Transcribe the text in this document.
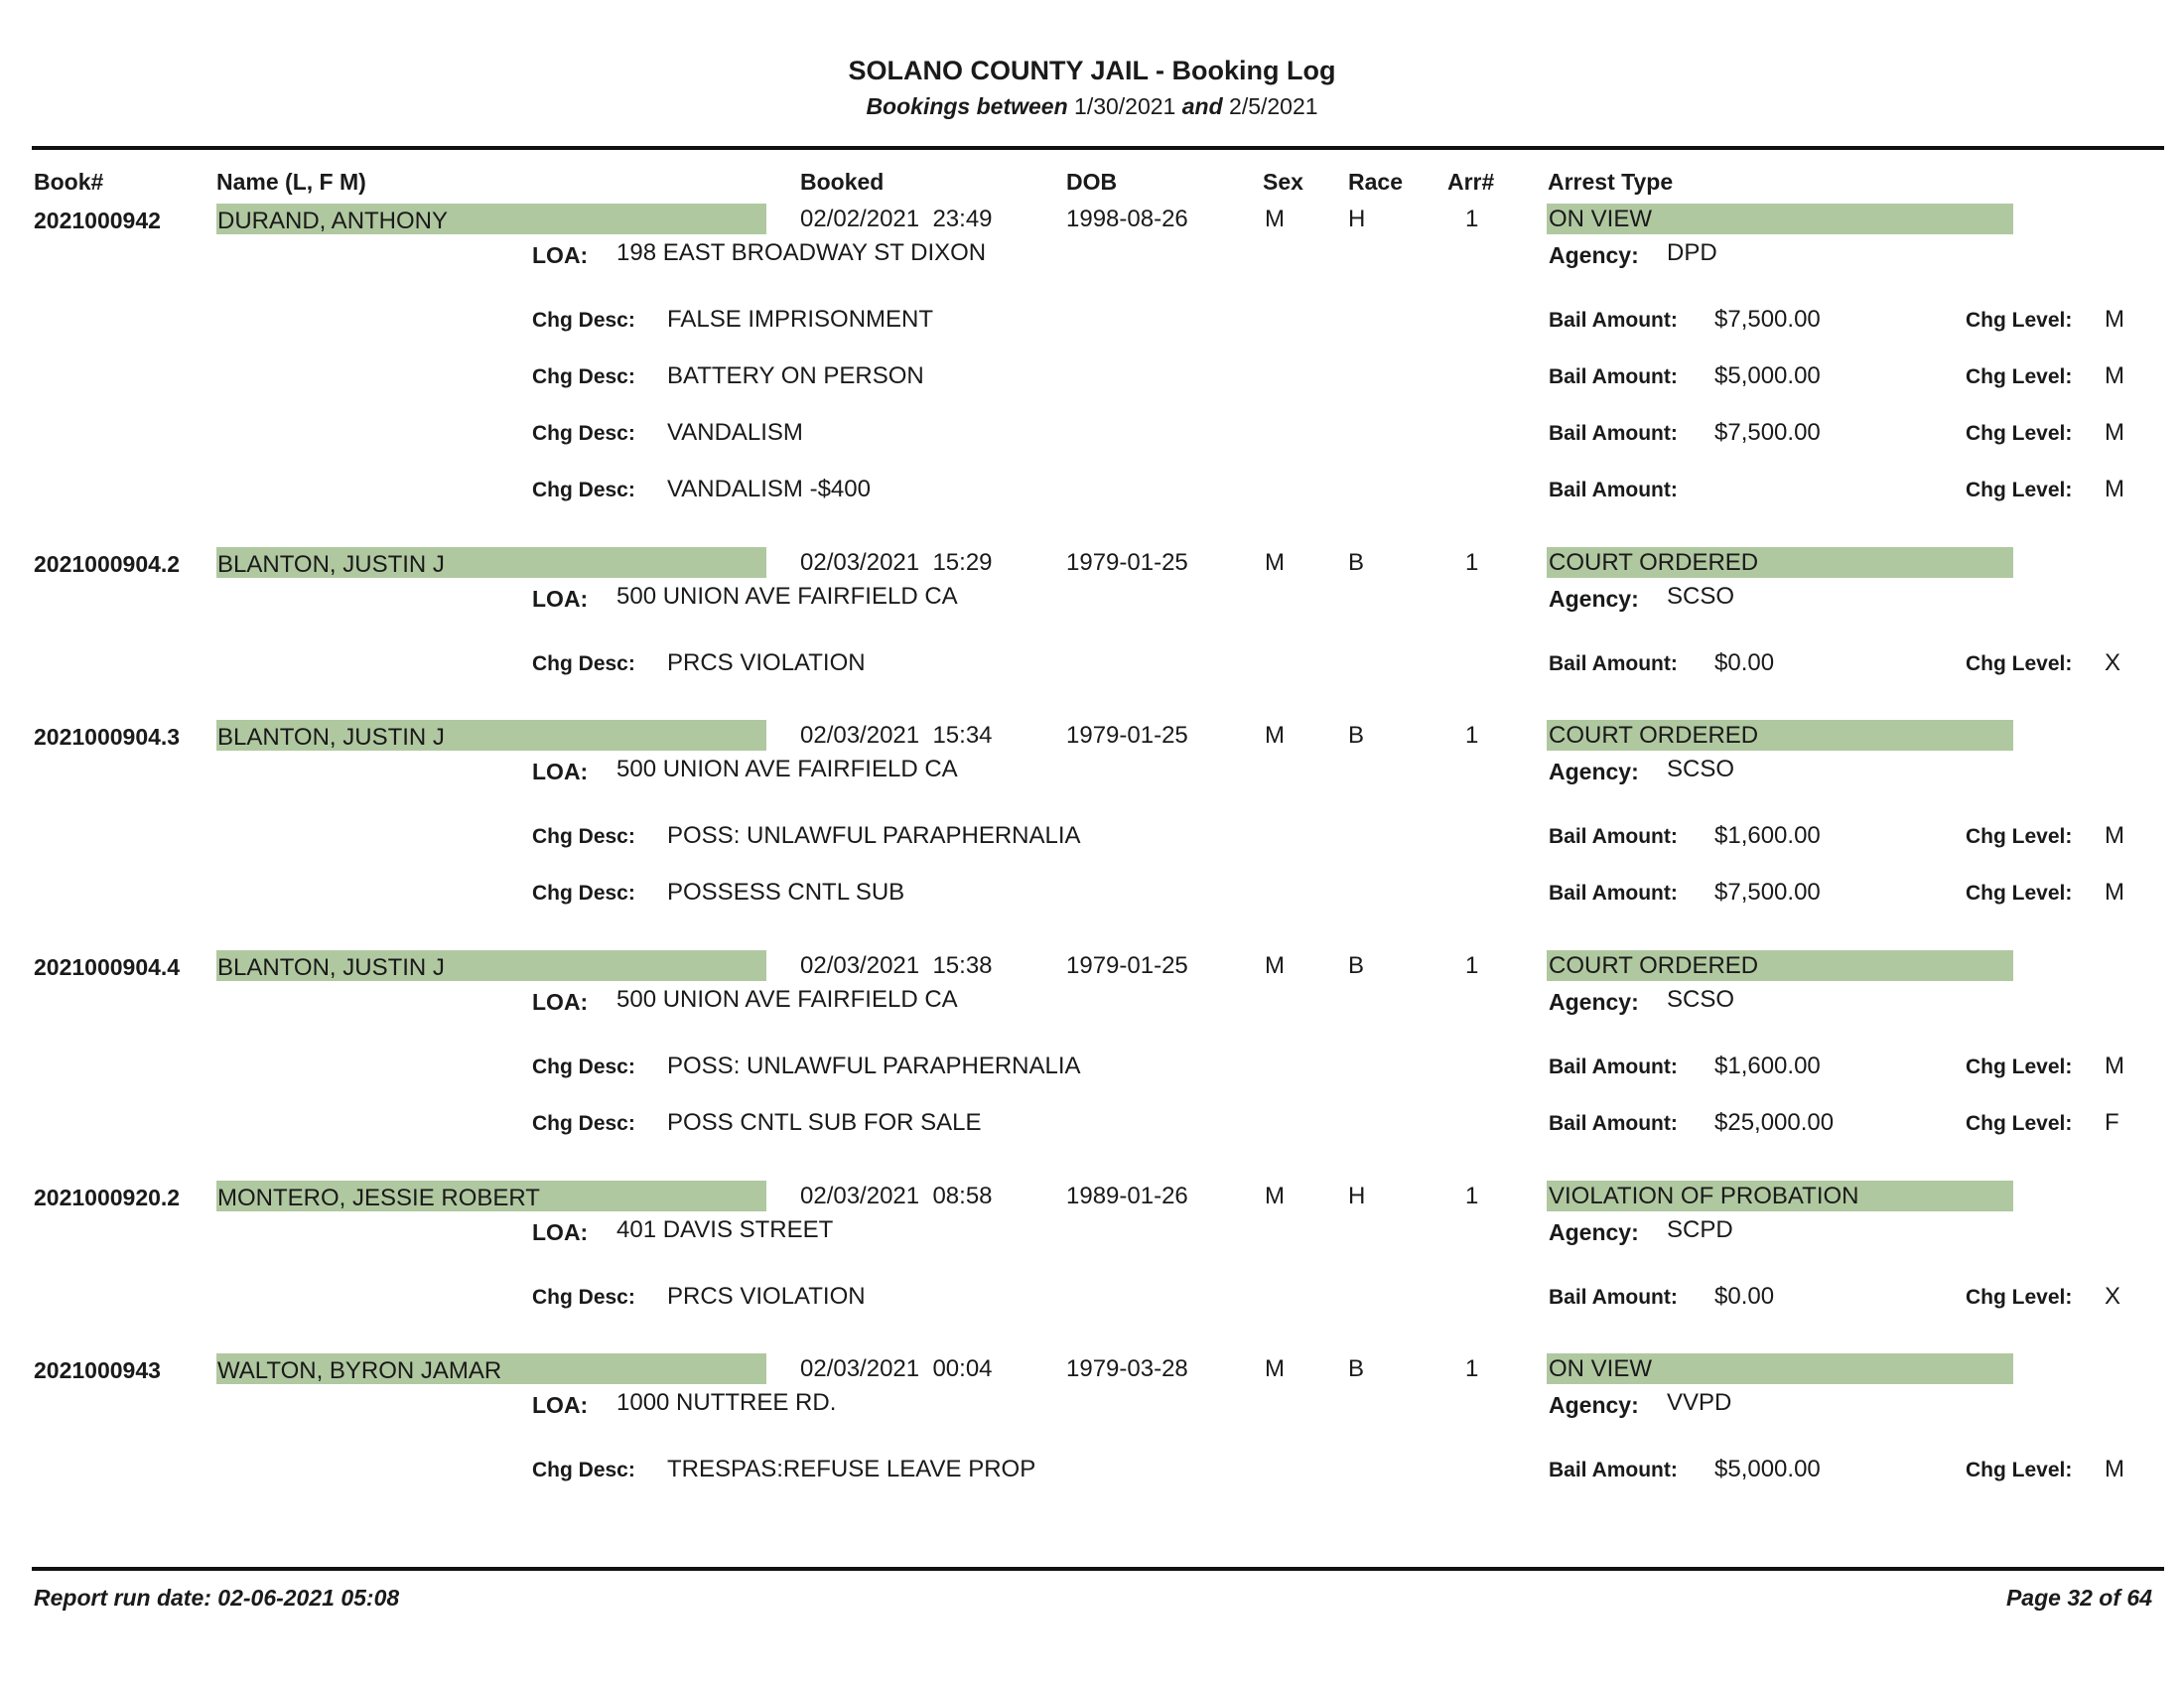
SOLANO COUNTY JAIL - Booking Log
Bookings between 1/30/2021 and 2/5/2021
Book#	Name (L, F M)	Booked	DOB	Sex Race Arr# Arrest Type
2021000942 DURAND, ANTHONY	02/02/2021  23:49	1998-08-26	M	H	1	ON VIEW
LOA: 198 EAST BROADWAY ST DIXON	Agency: DPD
Chg Desc: FALSE IMPRISONMENT	Bail Amount: $7,500.00	Chg Level: M
Chg Desc: BATTERY ON PERSON	Bail Amount: $5,000.00	Chg Level: M
Chg Desc: VANDALISM	Bail Amount: $7,500.00	Chg Level: M
Chg Desc: VANDALISM -$400	Bail Amount:	Chg Level: M
2021000904.2 BLANTON, JUSTIN J	02/03/2021  15:29	1979-01-25	M	B	1	COURT ORDERED
LOA: 500 UNION AVE FAIRFIELD CA	Agency: SCSO
Chg Desc: PRCS VIOLATION	Bail Amount: $0.00	Chg Level: X
2021000904.3 BLANTON, JUSTIN J	02/03/2021  15:34	1979-01-25	M	B	1	COURT ORDERED
LOA: 500 UNION AVE FAIRFIELD CA	Agency: SCSO
Chg Desc: POSS: UNLAWFUL PARAPHERNALIA	Bail Amount: $1,600.00	Chg Level: M
Chg Desc: POSSESS CNTL SUB	Bail Amount: $7,500.00	Chg Level: M
2021000904.4 BLANTON, JUSTIN J	02/03/2021  15:38	1979-01-25	M	B	1	COURT ORDERED
LOA: 500 UNION AVE FAIRFIELD CA	Agency: SCSO
Chg Desc: POSS: UNLAWFUL PARAPHERNALIA	Bail Amount: $1,600.00	Chg Level: M
Chg Desc: POSS CNTL SUB FOR SALE	Bail Amount: $25,000.00	Chg Level: F
2021000920.2 MONTERO, JESSIE ROBERT	02/03/2021  08:58	1989-01-26	M	H	1	VIOLATION OF PROBATION
LOA: 401 DAVIS STREET	Agency: SCPD
Chg Desc: PRCS VIOLATION	Bail Amount: $0.00	Chg Level: X
2021000943 WALTON, BYRON JAMAR	02/03/2021  00:04	1979-03-28	M	B	1	ON VIEW
LOA: 1000 NUTTREE RD.	Agency: VVPD
Chg Desc: TRESPAS:REFUSE LEAVE PROP	Bail Amount: $5,000.00	Chg Level: M
Report run date: 02-06-2021 05:08	Page 32 of 64
